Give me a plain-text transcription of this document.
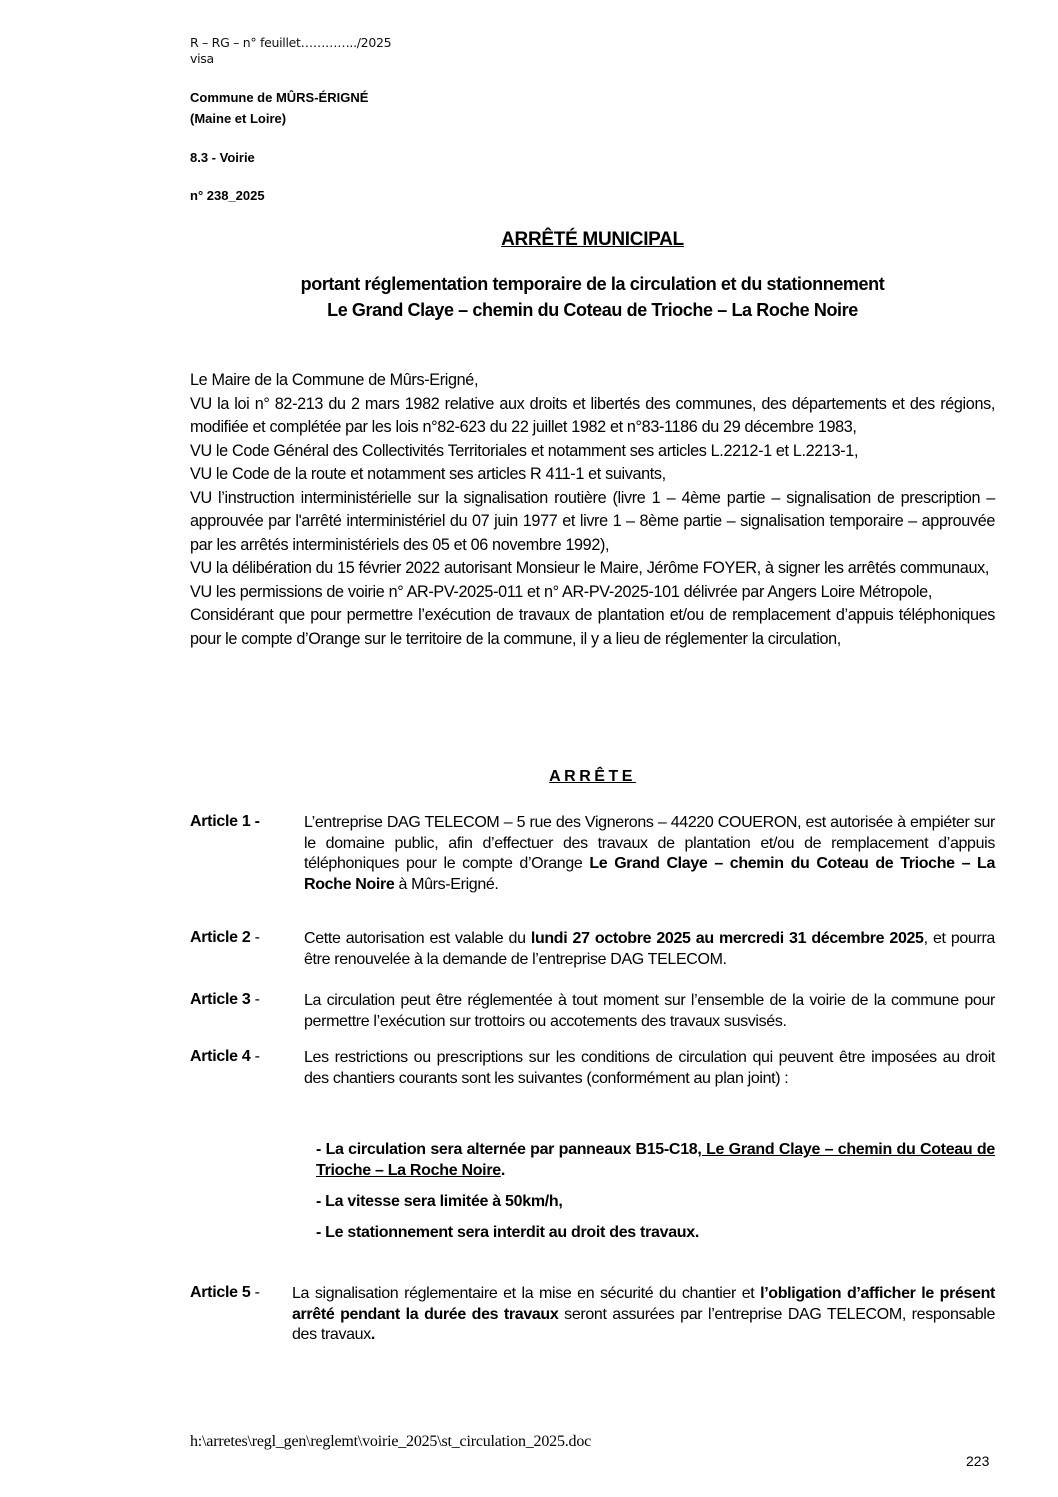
R – RG – n° feuillet…………../2025
visa
Commune de MÛRS-ÉRIGNÉ
(Maine et Loire)
8.3 - Voirie
n° 238_2025
ARRÊTÉ MUNICIPAL
portant réglementation temporaire de la circulation et du stationnement
Le Grand Claye – chemin du Coteau de Trioche – La Roche Noire
Le Maire de la Commune de Mûrs-Erigné,
VU la loi n° 82-213 du 2 mars 1982 relative aux droits et libertés des communes, des départements et des régions, modifiée et complétée par les lois n°82-623 du 22 juillet 1982 et n°83-1186 du 29 décembre 1983,
VU le Code Général des Collectivités Territoriales et notamment ses articles L.2212-1 et L.2213-1,
VU le Code de la route et notamment ses articles R 411-1 et suivants,
VU l’instruction interministérielle sur la signalisation routière (livre 1 – 4ème partie – signalisation de prescription – approuvée par l'arrêté interministériel du 07 juin 1977 et livre 1 – 8ème partie – signalisation temporaire – approuvée par les arrêtés interministériels des 05 et 06 novembre 1992),
VU la délibération du 15 février 2022 autorisant Monsieur le Maire, Jérôme FOYER, à signer les arrêtés communaux,
VU les permissions de voirie n° AR-PV-2025-011 et n° AR-PV-2025-101 délivrée par Angers Loire Métropole,
Considérant que pour permettre l’exécution de travaux de plantation et/ou de remplacement d’appuis téléphoniques pour le compte d’Orange sur le territoire de la commune, il y a lieu de réglementer la circulation,
ARRÊTE
Article 1 -	L’entreprise DAG TELECOM – 5 rue des Vignerons – 44220 COUERON, est autorisée à empiéter sur le domaine public, afin d’effectuer des travaux de plantation et/ou de remplacement d’appuis téléphoniques pour le compte d’Orange Le Grand Claye – chemin du Coteau de Trioche – La Roche Noire à Mûrs-Erigné.
Article 2 -	Cette autorisation est valable du lundi 27 octobre 2025 au mercredi 31 décembre 2025, et pourra être renouvelée à la demande de l’entreprise DAG TELECOM.
Article 3 -	La circulation peut être réglementée à tout moment sur l’ensemble de la voirie de la commune pour permettre l’exécution sur trottoirs ou accotements des travaux susvisés.
Article 4 -	Les restrictions ou prescriptions sur les conditions de circulation qui peuvent être imposées au droit des chantiers courants sont les suivantes (conformément au plan joint) :
- La circulation sera alternée par panneaux B15-C18, Le Grand Claye – chemin du Coteau de Trioche – La Roche Noire.
- La vitesse sera limitée à 50km/h,
- Le stationnement sera interdit au droit des travaux.
Article 5 - La signalisation réglementaire et la mise en sécurité du chantier et l’obligation d’afficher le présent arrêté pendant la durée des travaux seront assurées par l’entreprise DAG TELECOM, responsable des travaux.
h:\arretes\regl_gen\reglemt\voirie_2025\st_circulation_2025.doc
223
